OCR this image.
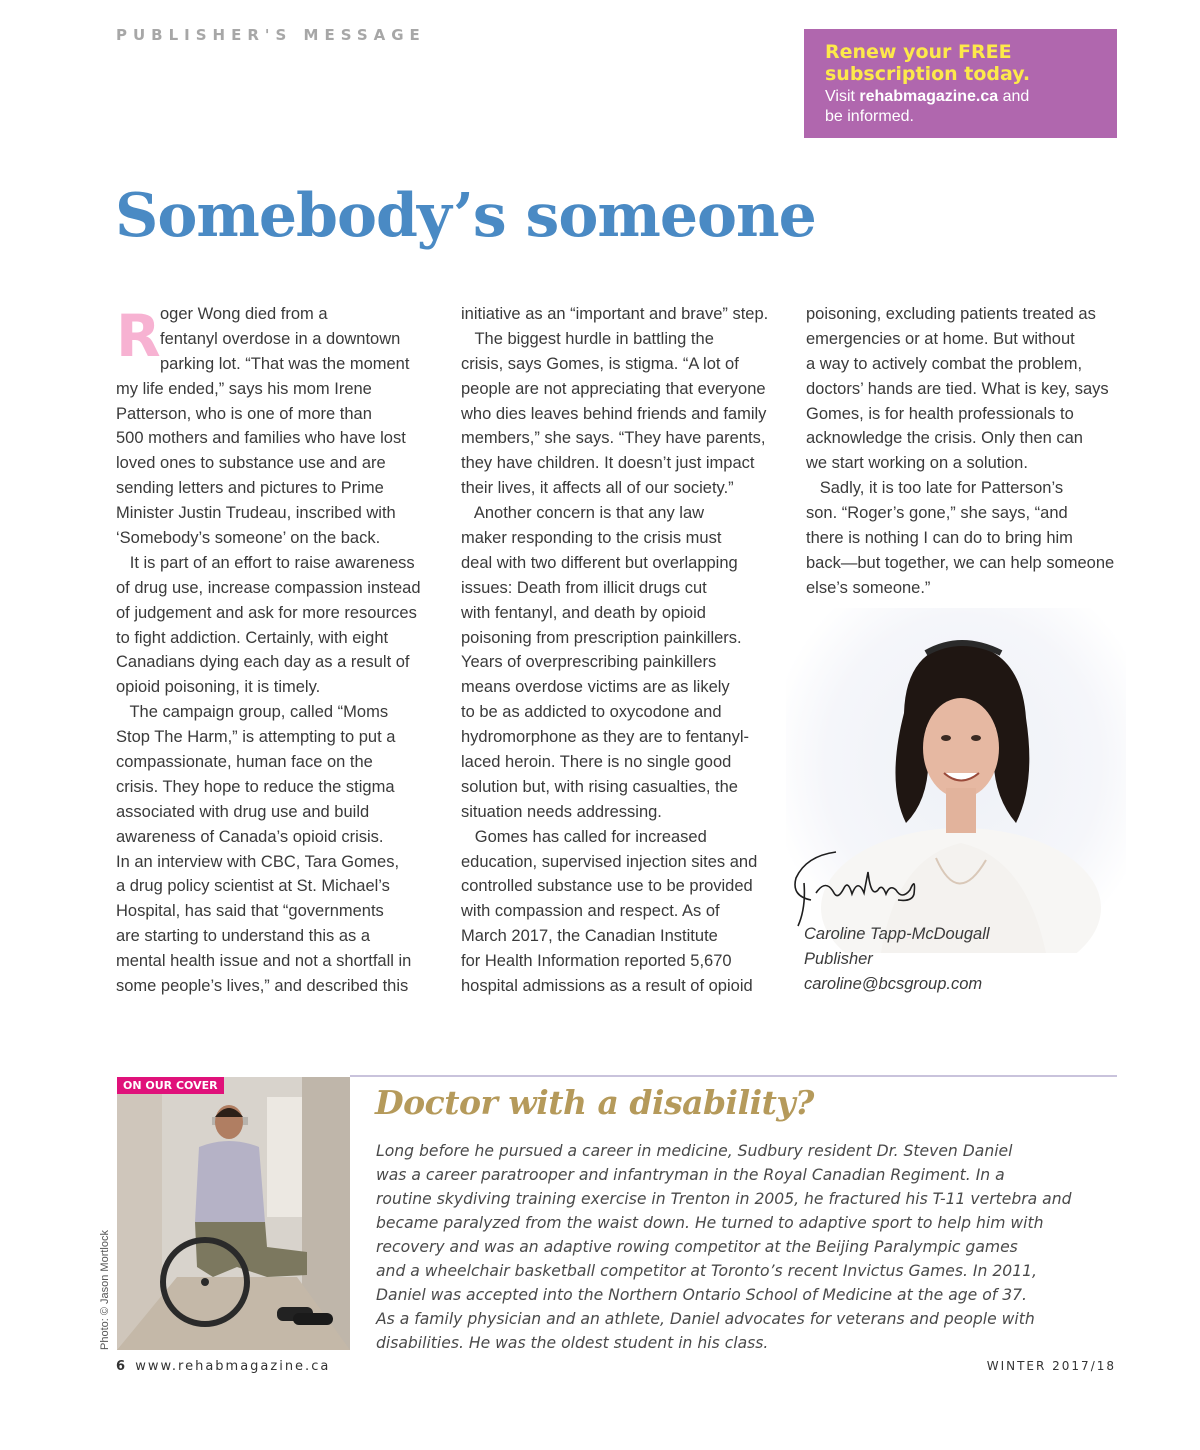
PUBLISHER'S MESSAGE
Renew your FREE
subscription today.
Visit rehabmagazine.ca and
be informed.
Somebody’s someone
R oger Wong died from a
fentanyl overdose in a downtown
parking lot. “That was the moment
my life ended,” says his mom Irene
Patterson, who is one of more than
500 mothers and families who have lost
loved ones to substance use and are
sending letters and pictures to Prime
Minister Justin Trudeau, inscribed with
‘Somebody’s someone’ on the back.
It is part of an effort to raise awareness
of drug use, increase compassion instead
of judgement and ask for more resources
to fight addiction. Certainly, with eight
Canadians dying each day as a result of
opioid poisoning, it is timely.
The campaign group, called “Moms
Stop The Harm,” is attempting to put a
compassionate, human face on the
crisis. They hope to reduce the stigma
associated with drug use and build
awareness of Canada’s opioid crisis.
In an interview with CBC, Tara Gomes,
a drug policy scientist at St. Michael’s
Hospital, has said that “governments
are starting to understand this as a
mental health issue and not a shortfall in
some people’s lives,” and described this
initiative as an “important and brave” step.
The biggest hurdle in battling the
crisis, says Gomes, is stigma. “A lot of
people are not appreciating that everyone
who dies leaves behind friends and family
members,” she says. “They have parents,
they have children. It doesn’t just impact
their lives, it affects all of our society.”
Another concern is that any law
maker responding to the crisis must
deal with two different but overlapping
issues: Death from illicit drugs cut
with fentanyl, and death by opioid
poisoning from prescription painkillers.
Years of overprescribing painkillers
means overdose victims are as likely
to be as addicted to oxycodone and
hydromorphone as they are to fentanyl-
laced heroin. There is no single good
solution but, with rising casualties, the
situation needs addressing.
Gomes has called for increased
education, supervised injection sites and
controlled substance use to be provided
with compassion and respect. As of
March 2017, the Canadian Institute
for Health Information reported 5,670
hospital admissions as a result of opioid
poisoning, excluding patients treated as
emergencies or at home. But without
a way to actively combat the problem,
doctors’ hands are tied. What is key, says
Gomes, is for health professionals to
acknowledge the crisis. Only then can
we start working on a solution.
Sadly, it is too late for Patterson’s
son. “Roger’s gone,” she says, “and
there is nothing I can do to bring him
back—but together, we can help someone
else’s someone.”
Caroline Tapp-McDougall
Publisher
caroline@bcsgroup.com
ON OUR COVER
Photo: © Jason Mortlock
Doctor with a disability?
Long before he pursued a career in medicine, Sudbury resident Dr. Steven Daniel
was a career paratrooper and infantryman in the Royal Canadian Regiment. In a
routine skydiving training exercise in Trenton in 2005, he fractured his T-11 vertebra and
became paralyzed from the waist down. He turned to adaptive sport to help him with
recovery and was an adaptive rowing competitor at the Beijing Paralympic games
and a wheelchair basketball competitor at Toronto’s recent Invictus Games. In 2011,
Daniel was accepted into the Northern Ontario School of Medicine at the age of 37.
As a family physician and an athlete, Daniel advocates for veterans and people with
disabilities. He was the oldest student in his class.
6 www.rehabmagazine.ca	WINTER 2017/18
